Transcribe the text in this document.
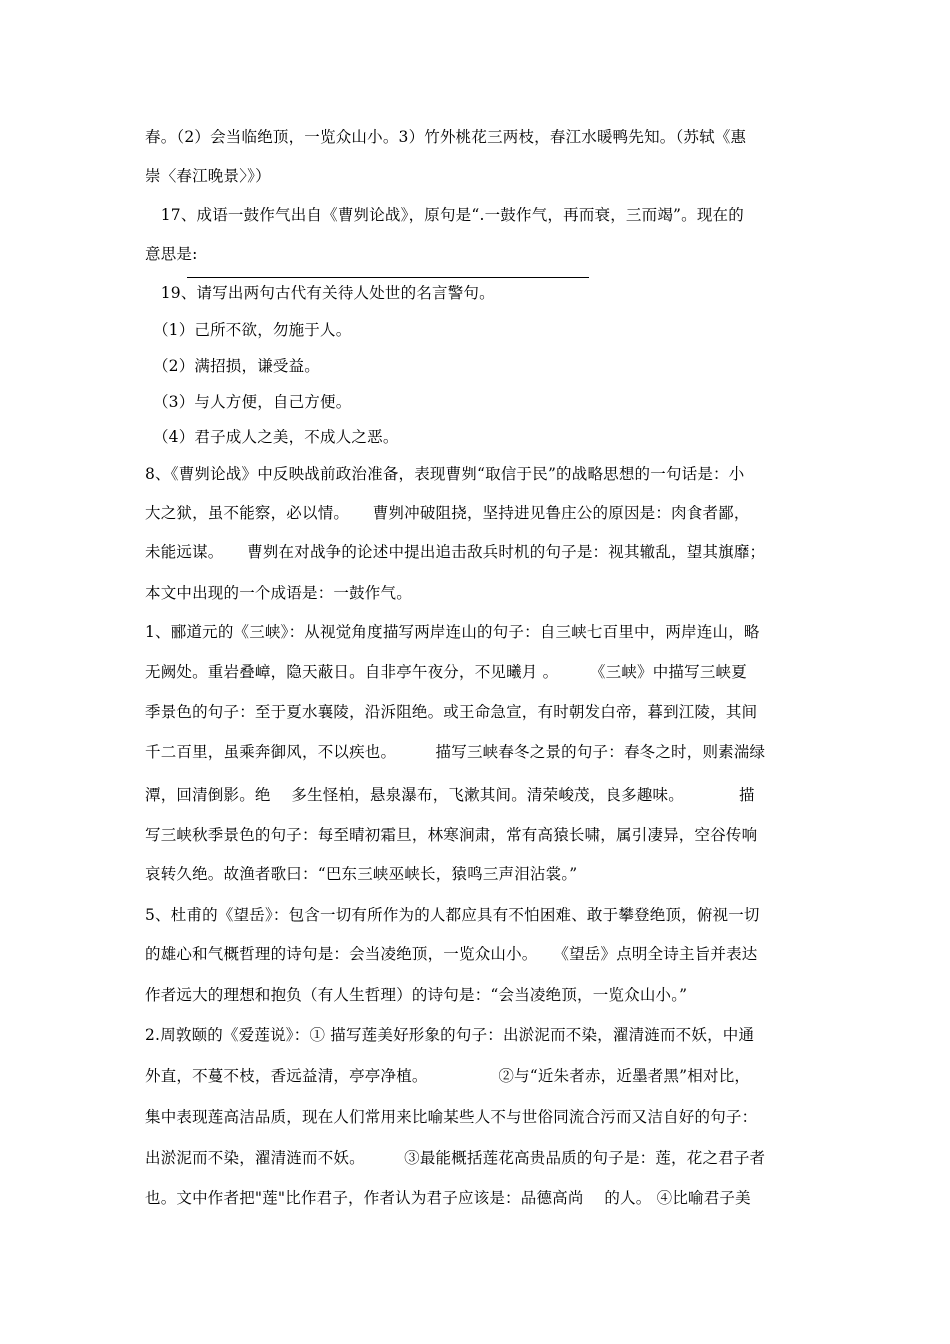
春。（2）会当临绝顶，一览众山小。3）竹外桃花三两枝，春江水暖鸭先知。（苏轼《惠
崇〈春江晚景〉》）
　17、成语一鼓作气出自《曹刿论战》，原句是“.一鼓作气，再而衰，三而竭”。现在的
意思是:
　19、请写出两句古代有关待人处世的名言警句。
　（1）己所不欲，勿施于人。
　（2）满招损，谦受益。
　（3）与人方便，自己方便。
　（4）君子成人之美，不成人之恶。
8、《曹刿论战》中反映战前政治准备，表现曹刿“取信于民”的战略思想的一句话是：小
大之狱，虽不能察，必以情。　　曹刿冲破阻挠，坚持进见鲁庄公的原因是：肉食者鄙，
未能远谋。　　曹刿在对战争的论述中提出追击敌兵时机的句子是：视其辙乱，望其旗靡；
本文中出现的一个成语是：一鼓作气。
1、郦道元的《三峡》：从视觉角度描写两岸连山的句子：自三峡七百里中，两岸连山，略
无阙处。重岩叠嶂，隐天蔽日。自非亭午夜分，不见曦月 。　　　《三峡》中描写三峡夏
季景色的句子：至于夏水襄陵，沿泝阻绝。或王命急宣，有时朝发白帝，暮到江陵，其间
千二百里，虽乘奔御风，不以疾也。　　　描写三峡春冬之景的句子：春冬之时，则素湍绿
潭，回清倒影。绝　 多生怪柏，悬泉瀑布，飞漱其间。清荣峻茂，良多趣味。　　　　描
写三峡秋季景色的句子：每至晴初霜旦，林寒涧肃，常有高猿长啸，属引凄异，空谷传响
哀转久绝。故渔者歌曰：“巴东三峡巫峡长，猿鸣三声泪沾裳。”
5、杜甫的《望岳》：包含一切有所作为的人都应具有不怕困难、敢于攀登绝顶，俯视一切
的雄心和气概哲理的诗句是：会当凌绝顶，一览众山小。　　《望岳》点明全诗主旨并表达
作者远大的理想和抱负（有人生哲理）的诗句是：“会当凌绝顶，一览众山小。”
2.周敦颐的《爱莲说》：① 描写莲美好形象的句子：出淤泥而不染，濯清涟而不妖，中通
外直，不蔓不枝，香远益清，亭亭净植。　　　　　②与“近朱者赤，近墨者黑”相对比，
集中表现莲高洁品质，现在人们常用来比喻某些人不与世俗同流合污而又洁自好的句子：
出淤泥而不染，濯清涟而不妖。　　　③最能概括莲花高贵品质的句子是：莲，花之君子者
也。文中作者把"莲"比作君子，作者认为君子应该是：品德高尚　 的人。 ④比喻君子美
